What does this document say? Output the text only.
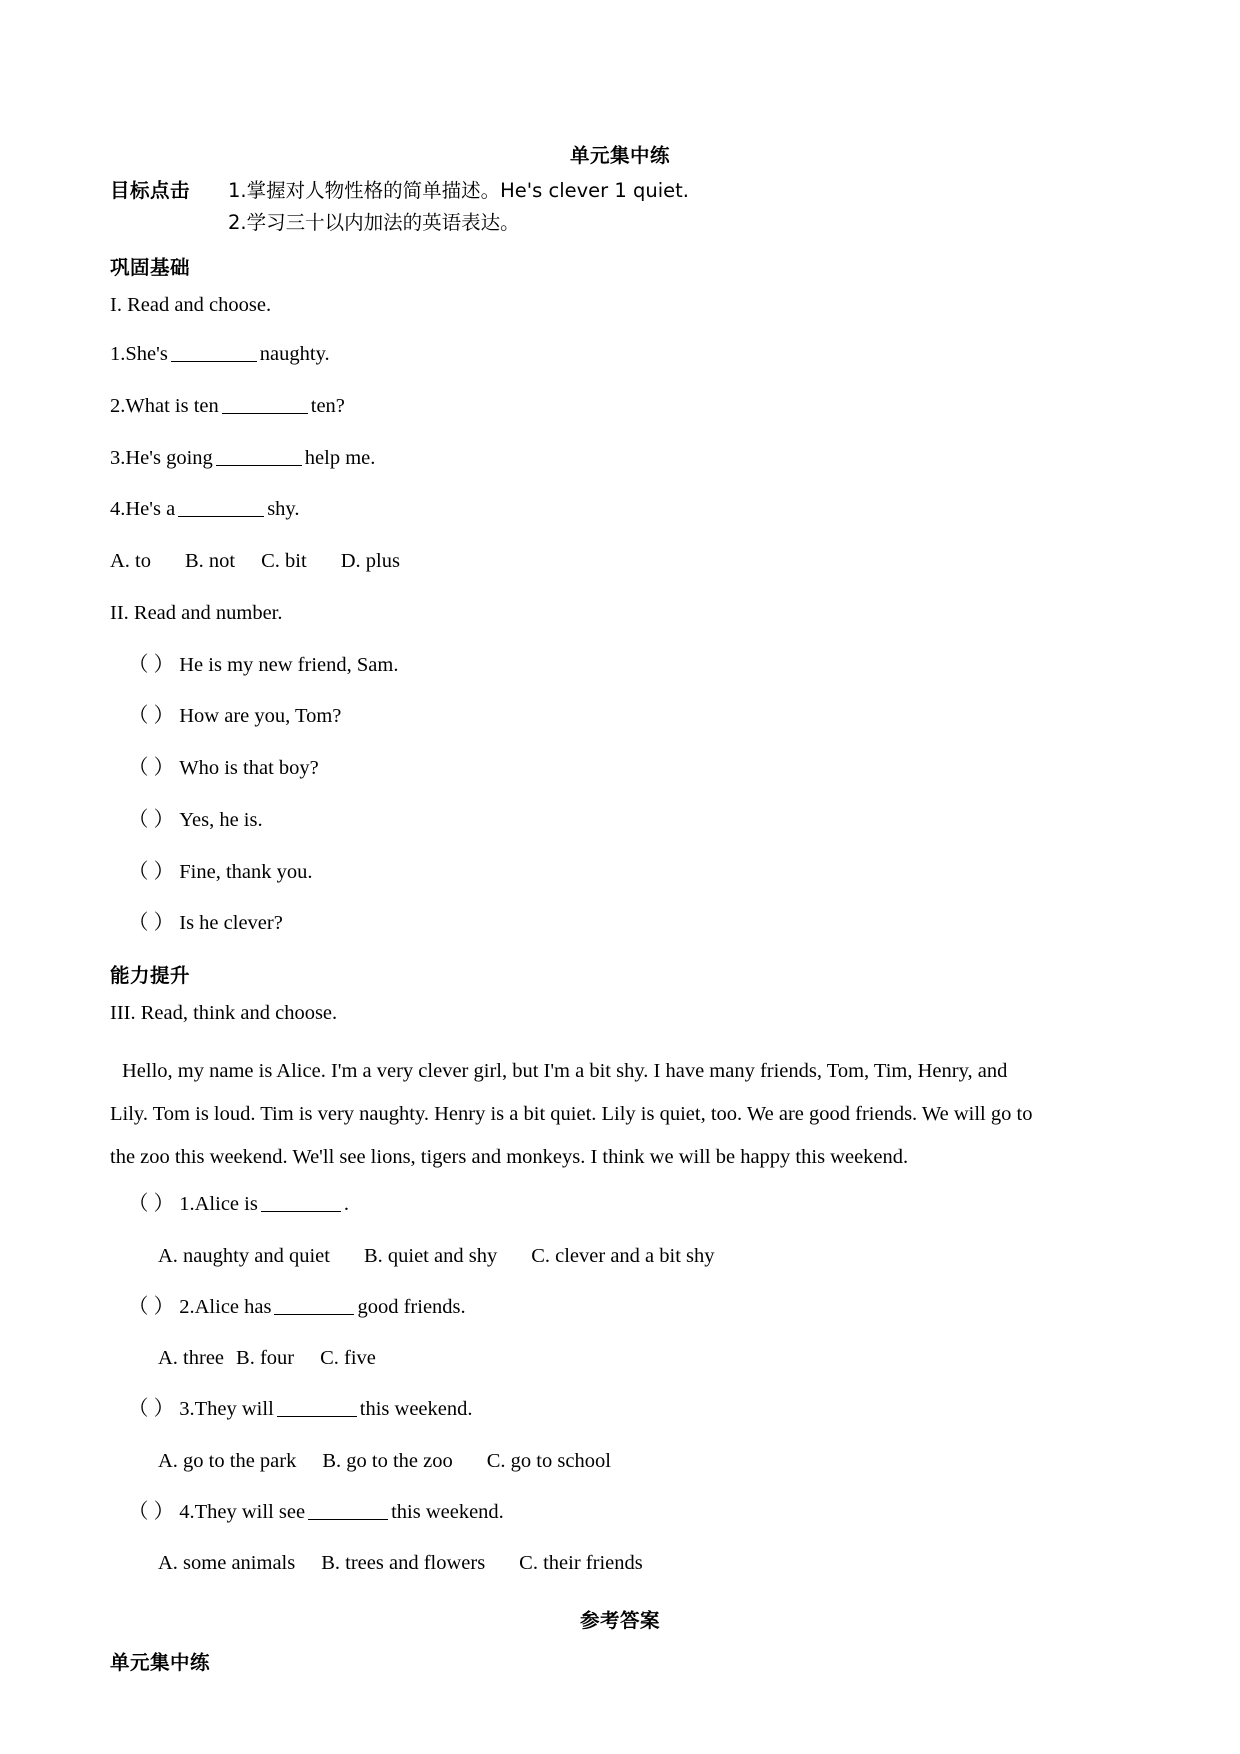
单元集中练
目标点击 1.掌握对人物性格的简单描述。He's clever 1 quiet.
2.学习三十以内加法的英语表达。
巩固基础
I. Read and choose.
1.She's	naughty.
2.What is ten	ten?
3.He's going	help me.
4.He's a	shy.
A. to B. not C. bit D. plus
II. Read and number.
（ ） He is my new friend, Sam.
（ ） How are you, Tom?
（ ） Who is that boy?
（ ） Yes, he is.
（ ） Fine, thank you.
（ ） Is he clever?
能力提升
III. Read, think and choose.
Hello, my name is Alice. I'm a very clever girl, but I'm a bit shy. I have many friends, Tom, Tim, Henry, and
Lily. Tom is loud. Tim is very naughty. Henry is a bit quiet. Lily is quiet, too. We are good friends. We will go to
the zoo this weekend. We'll see lions, tigers and monkeys. I think we will be happy this weekend.
（ ） 1.Alice is	.
A. naughty and quiet B. quiet and shy C. clever and a bit shy
（ ） 2.Alice has	good friends.
A. three B. four C. five
（ ） 3.They will	this weekend.
A. go to the park B. go to the zoo C. go to school
（ ） 4.They will see	this weekend.
A. some animals B. trees and flowers C. their friends
参考答案
单元集中练
